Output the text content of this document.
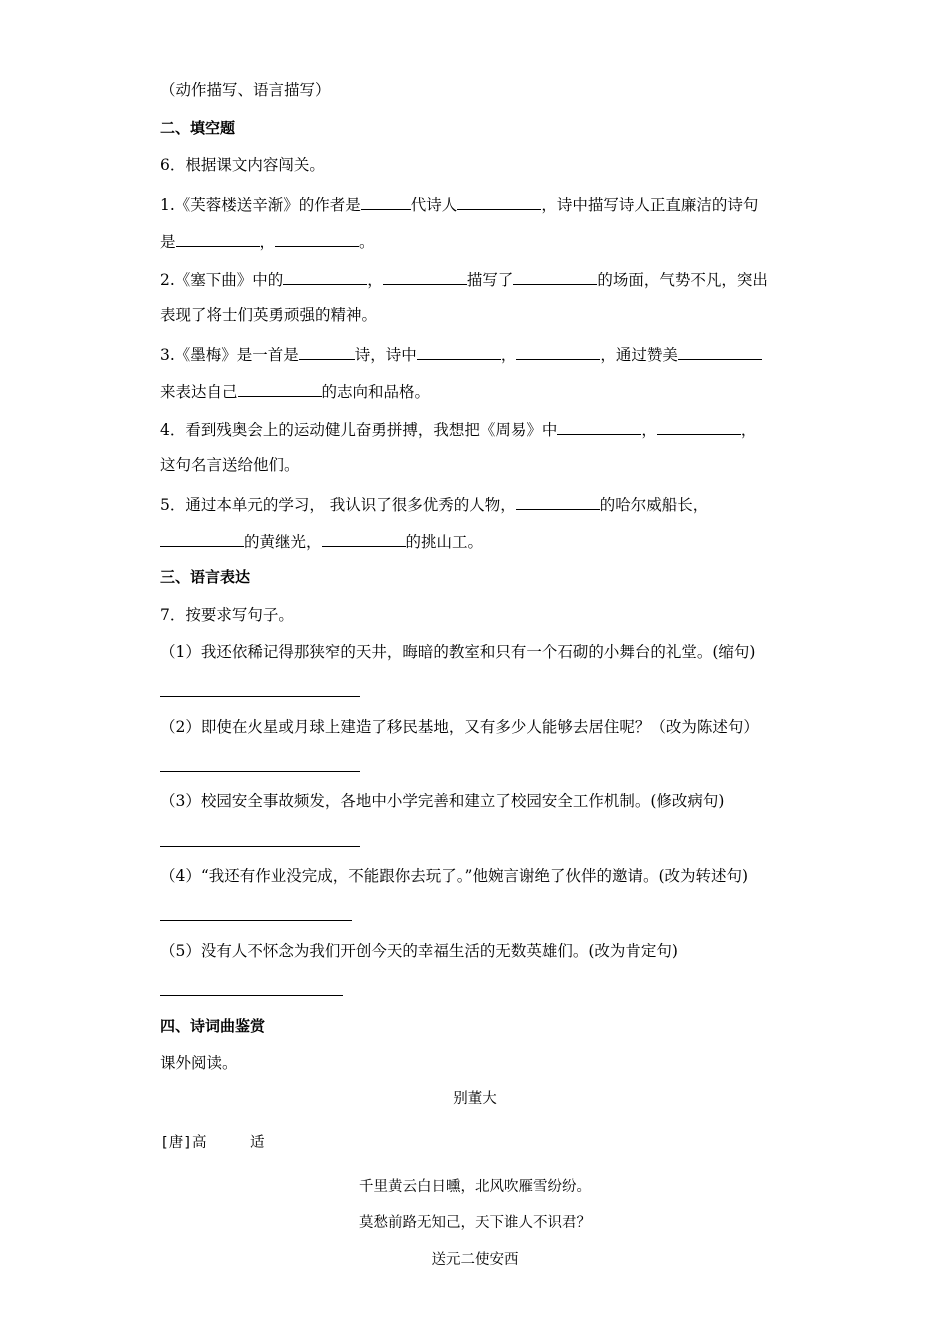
（动作描写、语言描写）
二、填空题
6．根据课文内容闯关。
1.《芙蓉楼送辛渐》的作者是	代诗人	，诗中描写诗人正直廉洁的诗句
是	，	。
2.《塞下曲》中的	，	描写了	的场面，气势不凡，突出
表现了将士们英勇顽强的精神。
3.《墨梅》是一首是	诗，诗中	，	，通过赞美
来表达自己	的志向和品格。
4．看到残奥会上的运动健儿奋勇拼搏，我想把《周易》中	，	，
这句名言送给他们。
5．通过本单元的学习， 我认识了很多优秀的人物，	的哈尔威船长，
的黄继光，	的挑山工。
三、语言表达
7．按要求写句子。
（1）我还依稀记得那狭窄的天井，晦暗的教室和只有一个石砌的小舞台的礼堂。(缩句)
（2）即使在火星或月球上建造了移民基地，又有多少人能够去居住呢？（改为陈述句）
（3）校园安全事故频发，各地中小学完善和建立了校园安全工作机制。(修改病句)
（4）“我还有作业没完成，不能跟你去玩了。”他婉言谢绝了伙伴的邀请。(改为转述句)
（5）没有人不怀念为我们开创今天的幸福生活的无数英雄们。(改为肯定句)
四、诗词曲鉴赏
课外阅读。
别董大
[唐]高　　　适
千里黄云白日曛，北风吹雁雪纷纷。
莫愁前路无知己，天下谁人不识君？
送元二使安西
